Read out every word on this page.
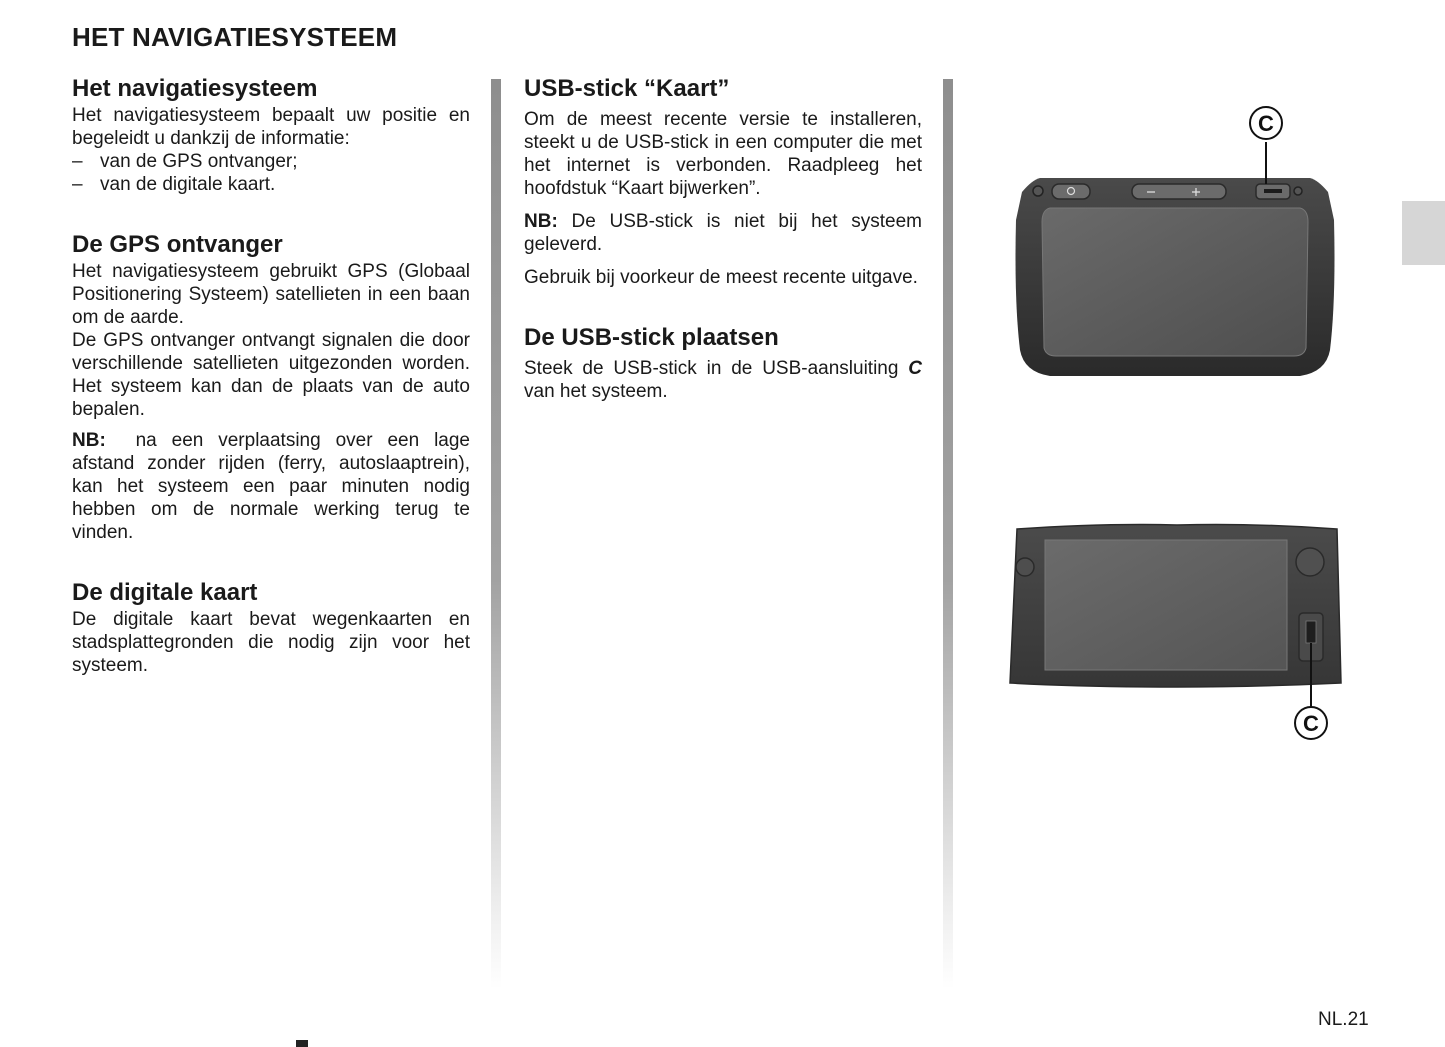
HET NAVIGATIESYSTEEM
Het navigatiesysteem

Het navigatiesysteem bepaalt uw positie en begeleidt u dankzij de informatie:

– van de GPS ontvanger;
– van de digitale kaart.
De GPS ontvanger

Het navigatiesysteem gebruikt GPS (Globaal Positionering Systeem) satellieten in een baan om de aarde.

De GPS ontvanger ontvangt signalen die door verschillende satellieten uitgezonden worden. Het systeem kan dan de plaats van de auto bepalen.

NB: na een verplaatsing over een lage afstand zonder rijden (ferry, autoslaaptrein), kan het systeem een paar minuten nodig hebben om de normale werking terug te vinden.

De digitale kaart

De digitale kaart bevat wegenkaarten en stadsplattegronden die nodig zijn voor het systeem.

USB-stick “Kaart”

Om de meest recente versie te installeren, steekt u de USB-stick in een computer die met het internet is verbonden. Raadpleeg het hoofdstuk “Kaart bijwerken”.

NB: De USB-stick is niet bij het systeem geleverd.

Gebruik bij voorkeur de meest recente uitgave.

De USB-stick plaatsen

Steek de USB-stick in de USB-aansluiting C van het systeem.

C
C
NL.21
